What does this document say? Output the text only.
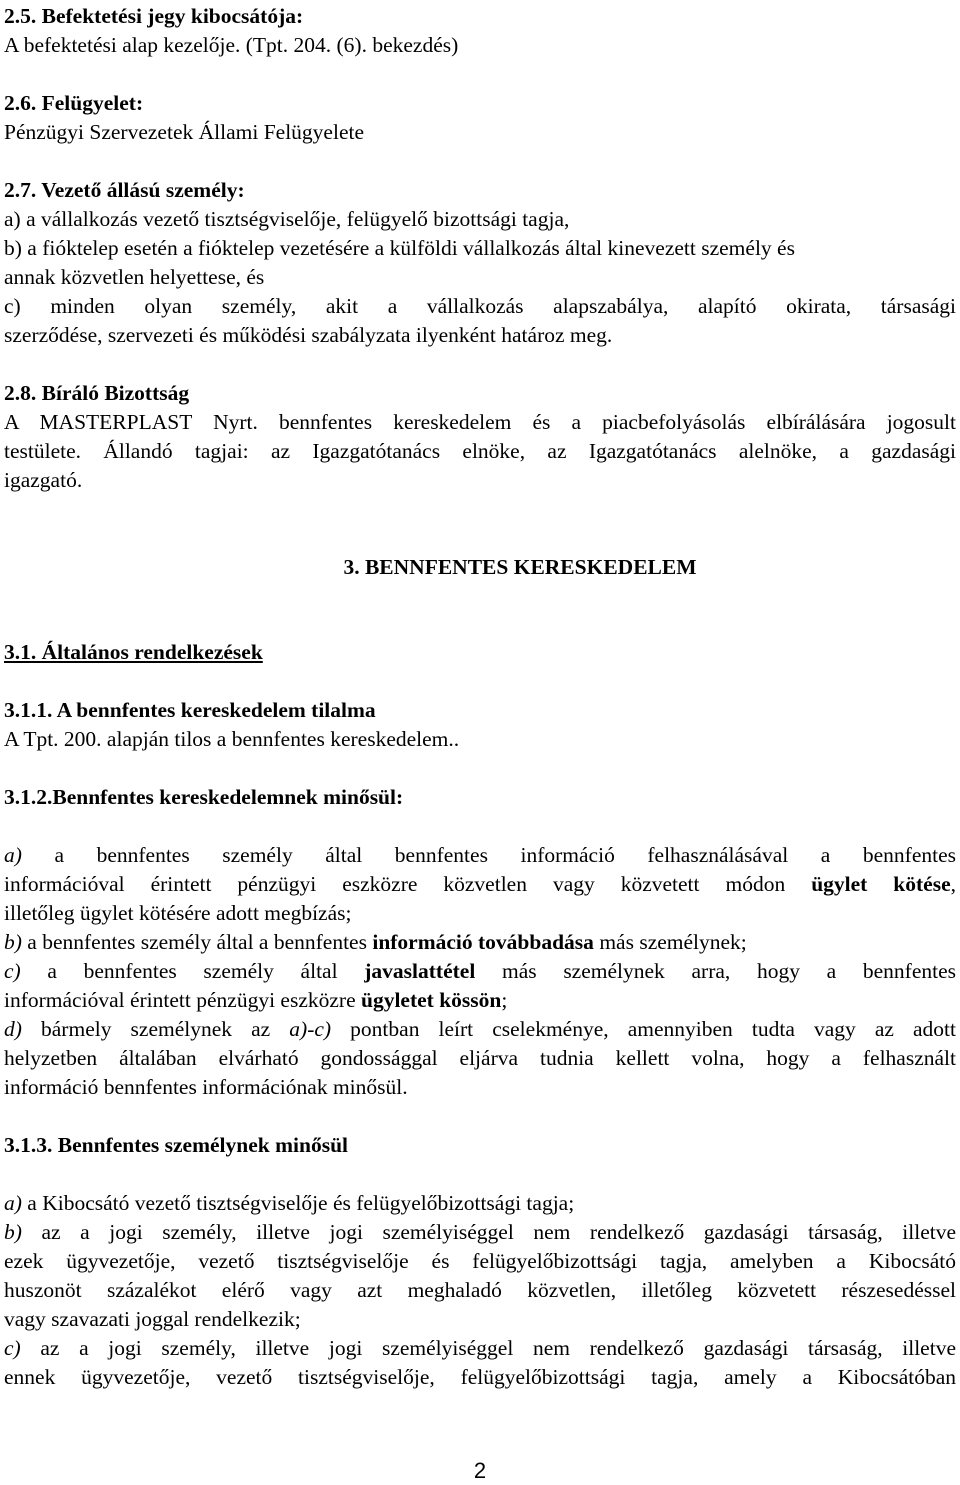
2.5. Befektetési jegy kibocsátója:
A befektetési alap kezelője. (Tpt. 204. (6). bekezdés)

2.6. Felügyelet:
Pénzügyi Szervezetek Állami Felügyelete

2.7. Vezető állású személy:
a) a vállalkozás vezető tisztségviselője, felügyelő bizottsági tagja,
b) a fióktelep esetén a fióktelep vezetésére a külföldi vállalkozás által kinevezett személy és
annak közvetlen helyettese, és
c) minden olyan személy, akit a vállalkozás alapszabálya, alapító okirata, társasági
szerződése, szervezeti és működési szabályzata ilyenként határoz meg.

2.8. Bíráló Bizottság
A MASTERPLAST Nyrt. bennfentes kereskedelem és a piacbefolyásolás elbírálására jogosult
testülete. Állandó tagjai: az Igazgatótanács elnöke, az Igazgatótanács alelnöke, a gazdasági
igazgató.

3. BENNFENTES KERESKEDELEM

3.1. Általános rendelkezések

3.1.1. A bennfentes kereskedelem tilalma
A Tpt. 200. alapján tilos a bennfentes kereskedelem..

3.1.2.Bennfentes kereskedelemnek minősül:

a) a bennfentes személy által bennfentes információ felhasználásával a bennfentes
információval érintett pénzügyi eszközre közvetlen vagy közvetett módon ügylet kötése,
illetőleg ügylet kötésére adott megbízás;
b) a bennfentes személy által a bennfentes információ továbbadása más személynek;
c) a bennfentes személy által javaslattétel más személynek arra, hogy a bennfentes
információval érintett pénzügyi eszközre ügyletet kössön;
d) bármely személynek az a)-c) pontban leírt cselekménye, amennyiben tudta vagy az adott
helyzetben általában elvárható gondossággal eljárva tudnia kellett volna, hogy a felhasznált
információ bennfentes információnak minősül.

3.1.3. Bennfentes személynek minősül

a) a Kibocsátó vezető tisztségviselője és felügyelőbizottsági tagja;
b) az a jogi személy, illetve jogi személyiséggel nem rendelkező gazdasági társaság, illetve
ezek ügyvezetője, vezető tisztségviselője és felügyelőbizottsági tagja, amelyben a Kibocsátó
huszonöt százalékot elérő vagy azt meghaladó közvetlen, illetőleg közvetett részesedéssel
vagy szavazati joggal rendelkezik;
c) az a jogi személy, illetve jogi személyiséggel nem rendelkező gazdasági társaság, illetve
ennek ügyvezetője, vezető tisztségviselője, felügyelőbizottsági tagja, amely a Kibocsátóban

2
